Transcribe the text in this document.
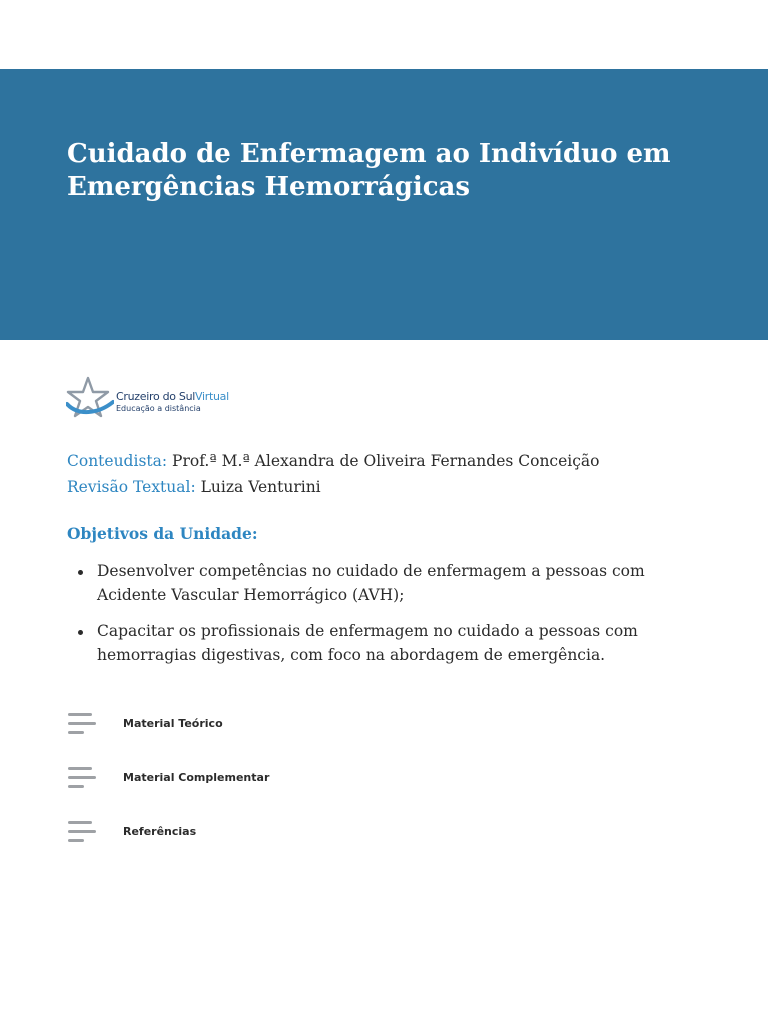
Cuidado de Enfermagem ao Indivíduo em Emergências Hemorrágicas
Cruzeiro do SulVirtual
Educação a distância
Conteudista: Prof.ª M.ª Alexandra de Oliveira Fernandes Conceição
Revisão Textual: Luiza Venturini
Objetivos da Unidade:
Desenvolver competências no cuidado de enfermagem a pessoas com Acidente Vascular Hemorrágico (AVH);
Capacitar os profissionais de enfermagem no cuidado a pessoas com hemorragias digestivas, com foco na abordagem de emergência.
Material Teórico
Material Complementar
Referências
